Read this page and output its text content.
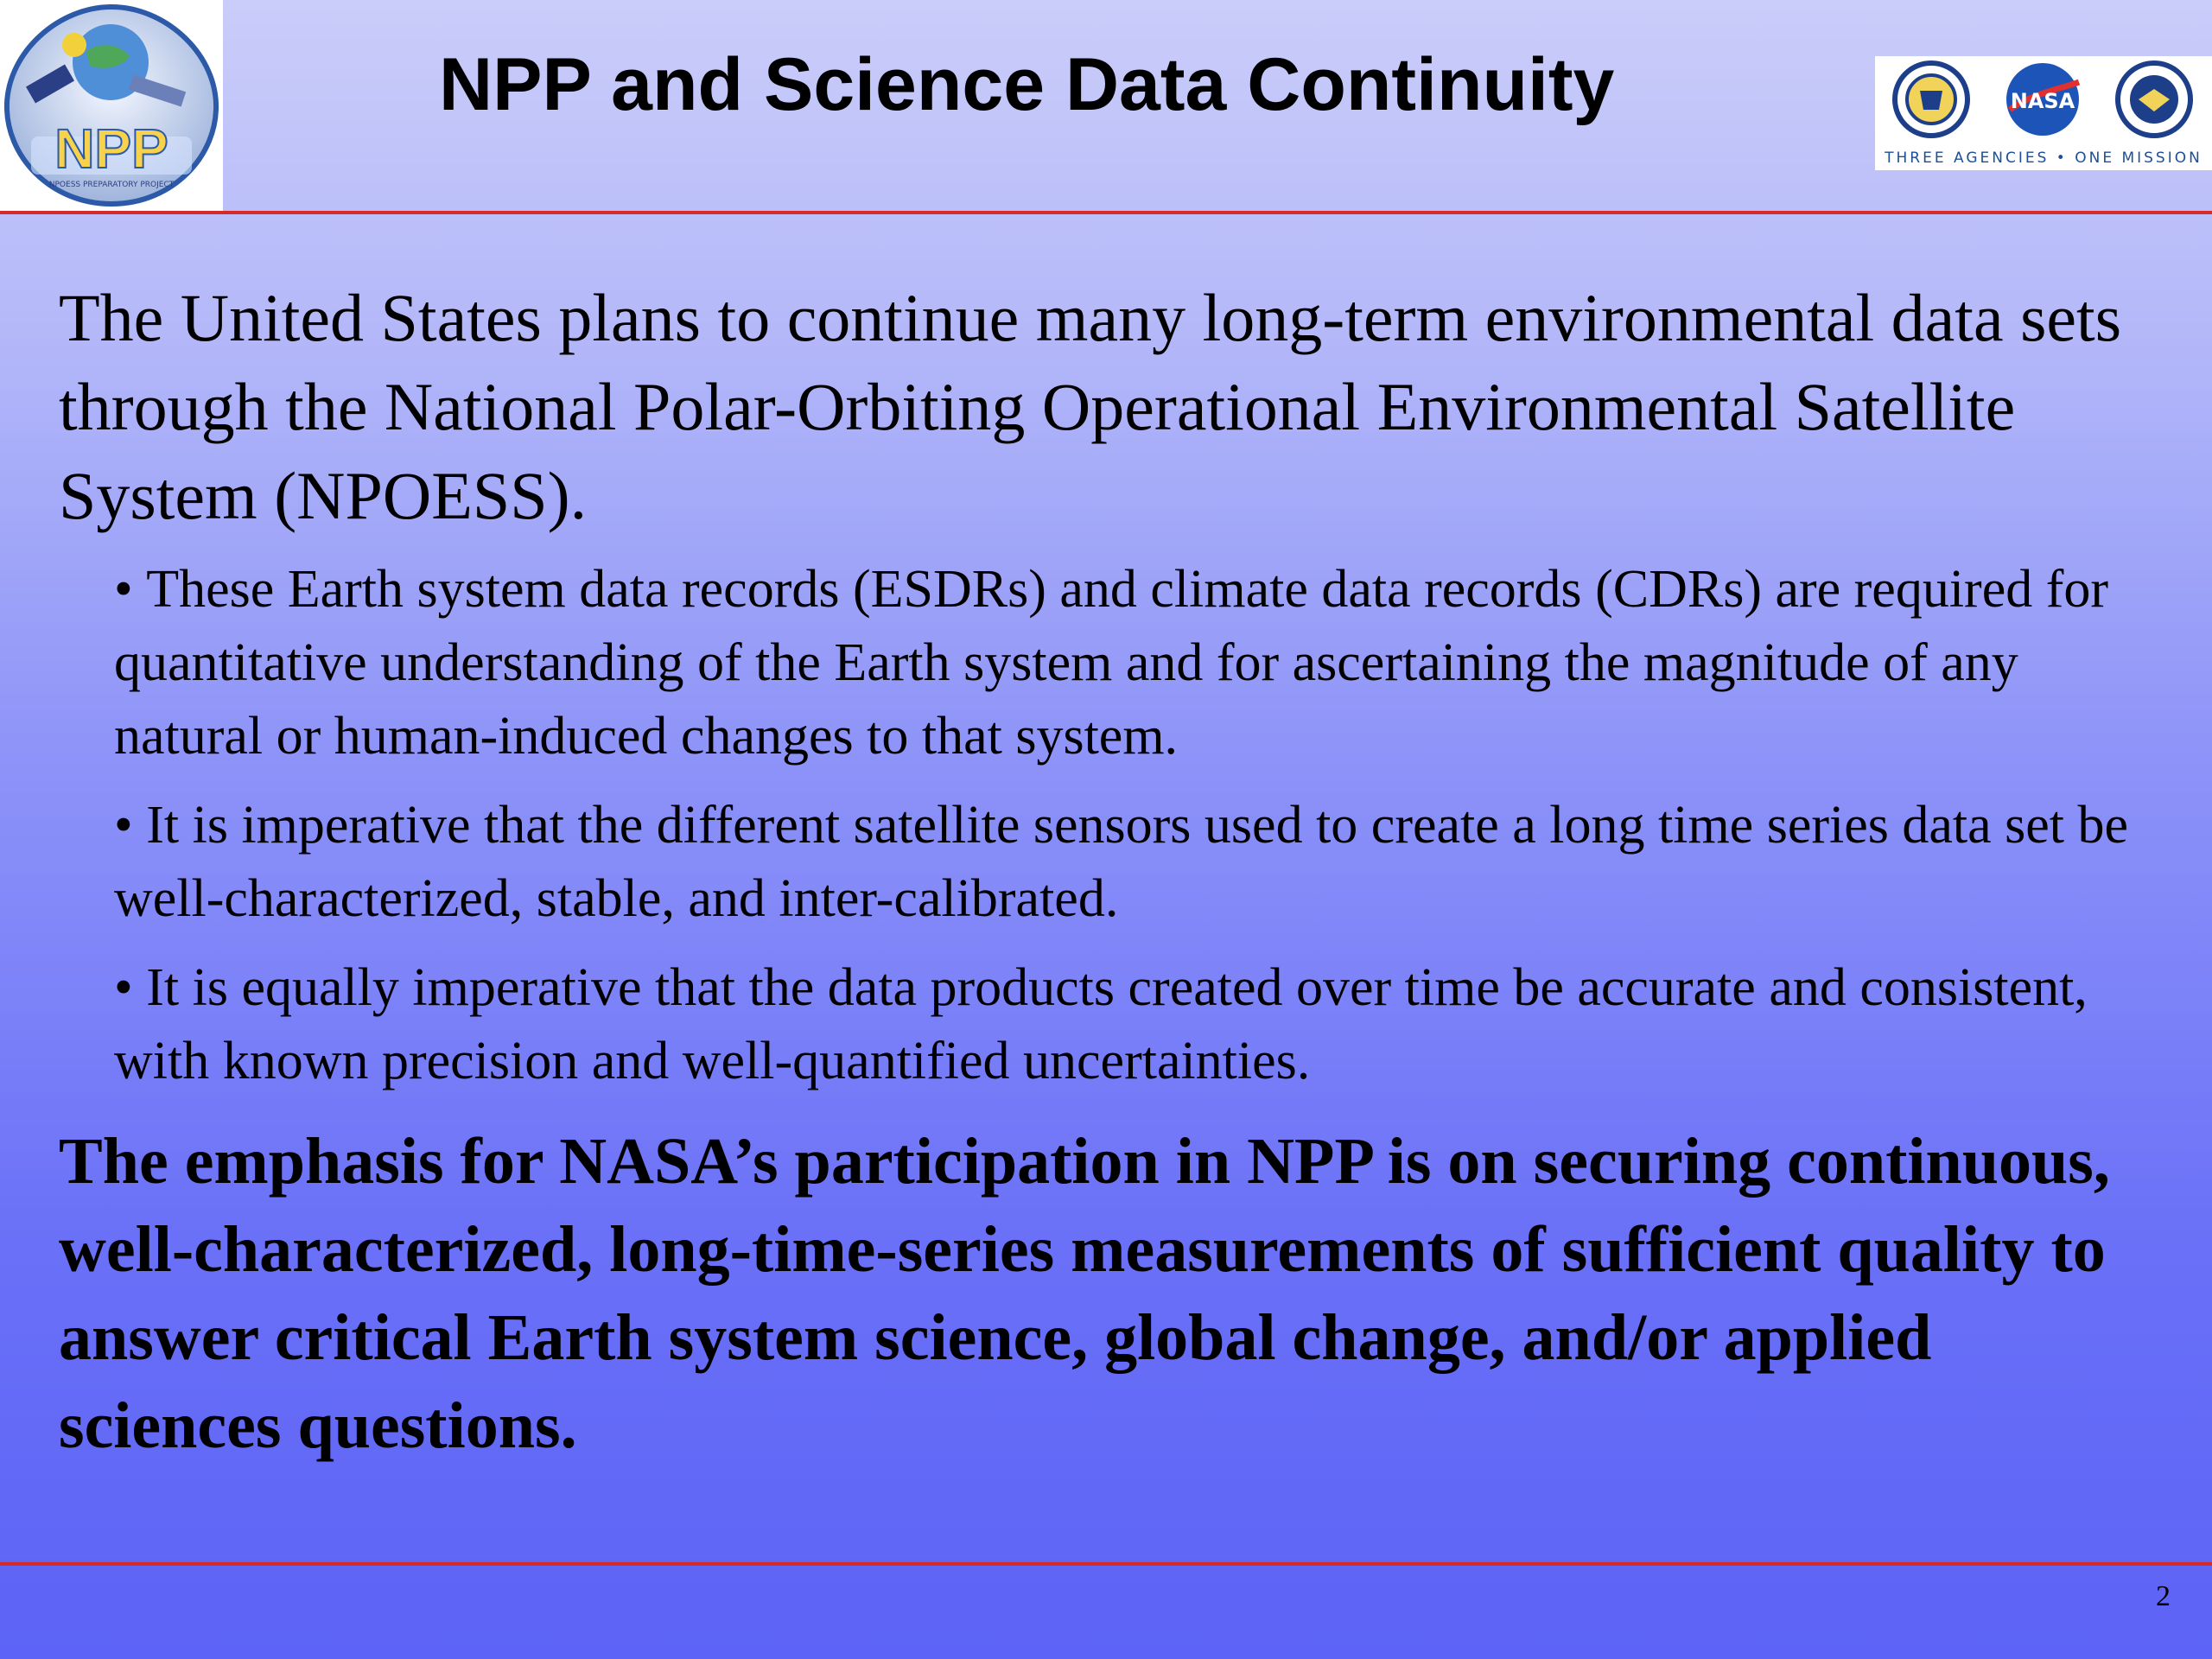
NPP
NPOESS PREPARATORY PROJECT
NPP and Science Data Continuity	NASA
THREE AGENCIES • ONE MISSION

The United States plans to continue many long-term environmental data sets through the National Polar-Orbiting Operational Environmental Satellite System (NPOESS).

• These Earth system data records (ESDRs) and climate data records (CDRs) are required for quantitative understanding of the Earth system and for ascertaining the magnitude of any natural or human-induced changes to that system.
• It is imperative that the different satellite sensors used to create a long time series data set be well-characterized, stable, and inter-calibrated.
• It is equally imperative that the data products created over time be accurate and consistent, with known precision and well-quantified uncertainties.

The emphasis for NASA’s participation in NPP is on securing continuous, well-characterized, long-time-series measurements of sufficient quality to answer critical Earth system science, global change, and/or applied sciences questions.

2
